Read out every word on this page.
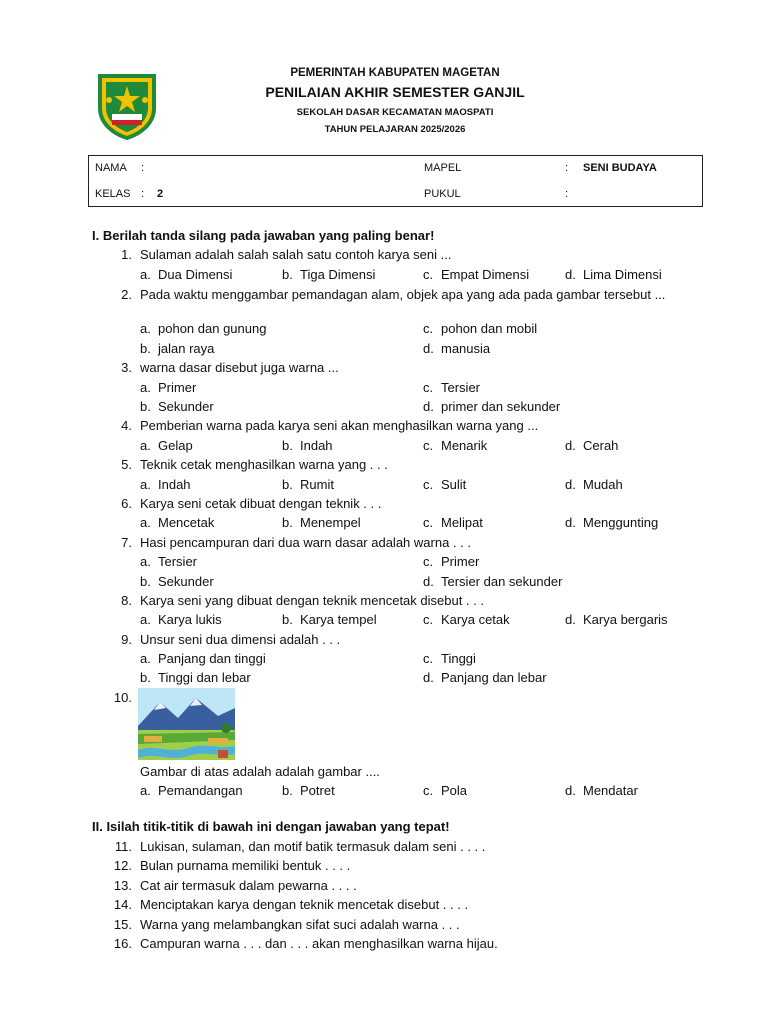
PEMERINTAH KABUPATEN MAGETAN
PENILAIAN AKHIR SEMESTER GANJIL
SEKOLAH DASAR KECAMATAN MAOSPATI
TAHUN PELAJARAN 2025/2026
NAMA :
KELAS : 2
MAPEL	: SENI BUDAYA
PUKUL	:
I. Berilah tanda silang pada jawaban yang paling benar!
II. Isilah titik-titik di bawah ini dengan jawaban yang tepat!
1. Sulaman adalah salah salah satu contoh karya seni ...
a. Dua Dimensi	b. Tiga Dimensi	c. Empat Dimensi	d. Lima Dimensi
2. Pada waktu menggambar pemandagan alam, objek apa yang ada pada gambar tersebut ...
a. pohon dan gunung	c. pohon dan mobil
b. jalan raya	d. manusia
3. warna dasar disebut juga warna ...
a. Primer	c. Tersier
b. Sekunder	d. primer dan sekunder
4. Pemberian warna pada karya seni akan menghasilkan warna yang ...
a. Gelap	b. Indah	c. Menarik	d. Cerah
5. Teknik cetak menghasilkan warna yang . . .
a. Indah	b. Rumit	c. Sulit	d. Mudah
6. Karya seni cetak dibuat dengan teknik . . .
a. Mencetak	b. Menempel	c. Melipat	d. Menggunting
7. Hasi pencampuran dari dua warn dasar adalah warna . . .
a. Tersier	c. Primer
b. Sekunder	d. Tersier dan sekunder
8. Karya seni yang dibuat dengan teknik mencetak disebut . . .
a. Karya lukis	b. Karya tempel	c. Karya cetak	d. Karya bergaris
9. Unsur seni dua dimensi adalah . . .
a. Panjang dan tinggi	c. Tinggi
b. Tinggi dan lebar	d. Panjang dan lebar
10.
Gambar di atas adalah adalah gambar ....
a. Pemandangan	b. Potret	c. Pola	d. Mendatar
11. Lukisan, sulaman, dan motif batik termasuk dalam seni . . . .
12. Bulan purnama memiliki bentuk . . . .
13. Cat air termasuk dalam pewarna . . . .
14. Menciptakan karya dengan teknik mencetak disebut . . . .
15. Warna yang melambangkan sifat suci adalah warna . . .
16. Campuran warna . . . dan . . . akan menghasilkan warna hijau.
